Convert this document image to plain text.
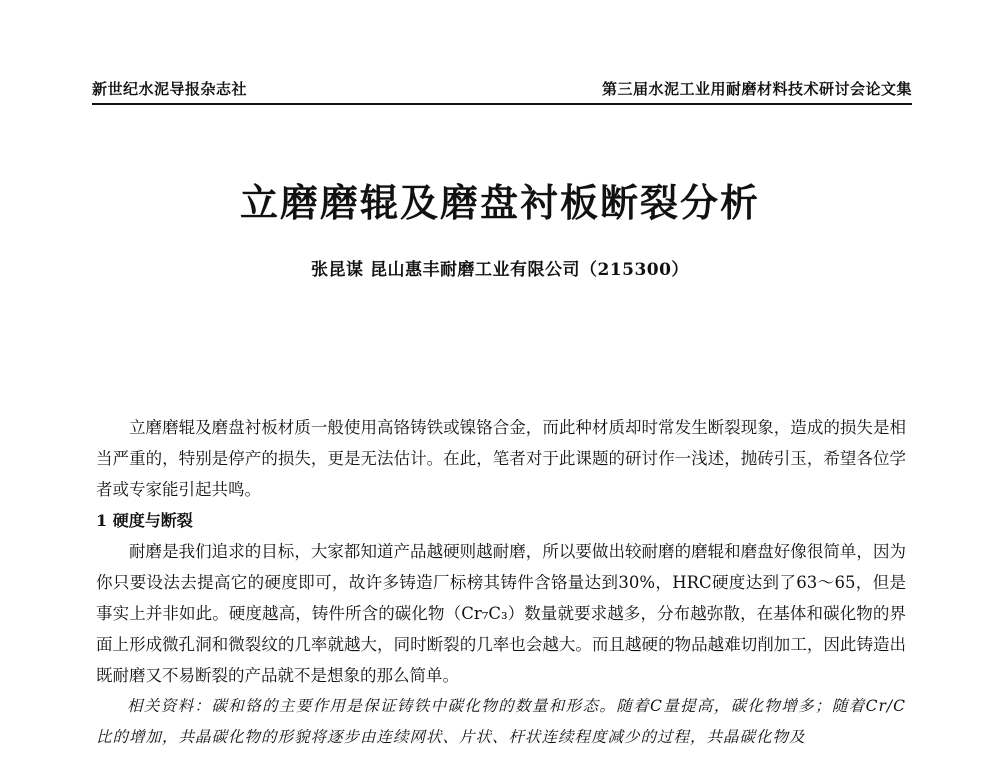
新世纪水泥导报杂志社	第三届水泥工业用耐磨材料技术研讨会论文集
立磨磨辊及磨盘衬板断裂分析
张昆谋 昆山惠丰耐磨工业有限公司（215300）

立磨磨辊及磨盘衬板材质一般使用高铬铸铁或镍铬合金，而此种材质却时常发生断裂现象，造成的损失是相当严重的，特别是停产的损失，更是无法估计。在此，笔者对于此课题的研讨作一浅述，抛砖引玉，希望各位学者或专家能引起共鸣。

1 硬度与断裂

耐磨是我们追求的目标，大家都知道产品越硬则越耐磨，所以要做出较耐磨的磨辊和磨盘好像很简单，因为你只要设法去提高它的硬度即可，故许多铸造厂标榜其铸件含铬量达到30%，HRC硬度达到了63～65，但是事实上并非如此。硬度越高，铸件所含的碳化物（Cr₇C₃）数量就要求越多，分布越弥散，在基体和碳化物的界面上形成微孔洞和微裂纹的几率就越大，同时断裂的几率也会越大。而且越硬的物品越难切削加工，因此铸造出既耐磨又不易断裂的产品就不是想象的那么简单。

相关资料：碳和铬的主要作用是保证铸铁中碳化物的数量和形态。随着C量提高，碳化物增多；随着Cr/C比的增加，共晶碳化物的形貌将逐步由连续网状、片状、杆状连续程度减少的过程，共晶碳化物及
